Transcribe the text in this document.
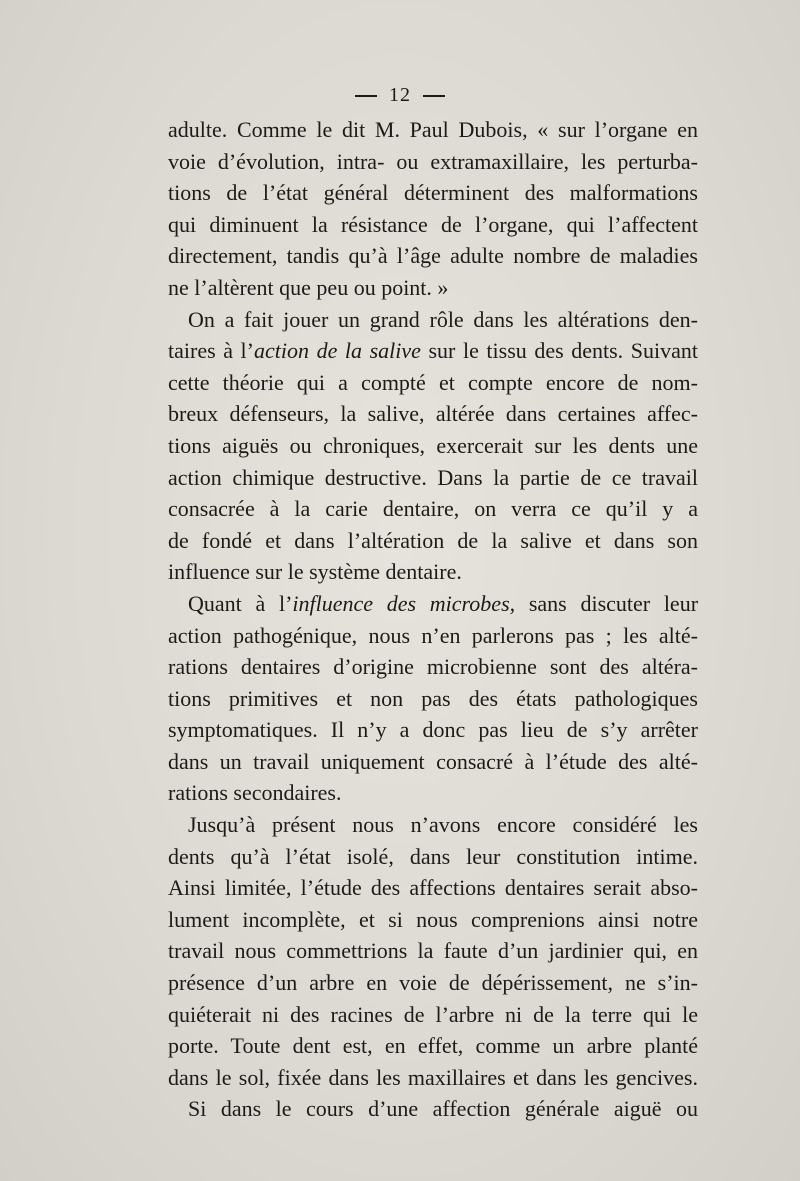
12
adulte. Comme le dit M. Paul Dubois, « sur l’organe en
voie d’évolution, intra- ou extramaxillaire, les perturba-
tions de l’état général déterminent des malformations
qui diminuent la résistance de l’organe, qui l’affectent
directement, tandis qu’à l’âge adulte nombre de maladies
ne l’altèrent que peu ou point. »
On a fait jouer un grand rôle dans les altérations den-
taires à l’action de la salive sur le tissu des dents. Suivant
cette théorie qui a compté et compte encore de nom-
breux défenseurs, la salive, altérée dans certaines affec-
tions aiguës ou chroniques, exercerait sur les dents une
action chimique destructive. Dans la partie de ce travail
consacrée à la carie dentaire, on verra ce qu’il y a
de fondé et dans l’altération de la salive et dans son
influence sur le système dentaire.
Quant à l’influence des microbes, sans discuter leur
action pathogénique, nous n’en parlerons pas ; les alté-
rations dentaires d’origine microbienne sont des altéra-
tions primitives et non pas des états pathologiques
symptomatiques. Il n’y a donc pas lieu de s’y arrêter
dans un travail uniquement consacré à l’étude des alté-
rations secondaires.
Jusqu’à présent nous n’avons encore considéré les
dents qu’à l’état isolé, dans leur constitution intime.
Ainsi limitée, l’étude des affections dentaires serait abso-
lument incomplète, et si nous comprenions ainsi notre
travail nous commettrions la faute d’un jardinier qui, en
présence d’un arbre en voie de dépérissement, ne s’in-
quiéterait ni des racines de l’arbre ni de la terre qui le
porte. Toute dent est, en effet, comme un arbre planté
dans le sol, fixée dans les maxillaires et dans les gencives.
Si dans le cours d’une affection générale aiguë ou
